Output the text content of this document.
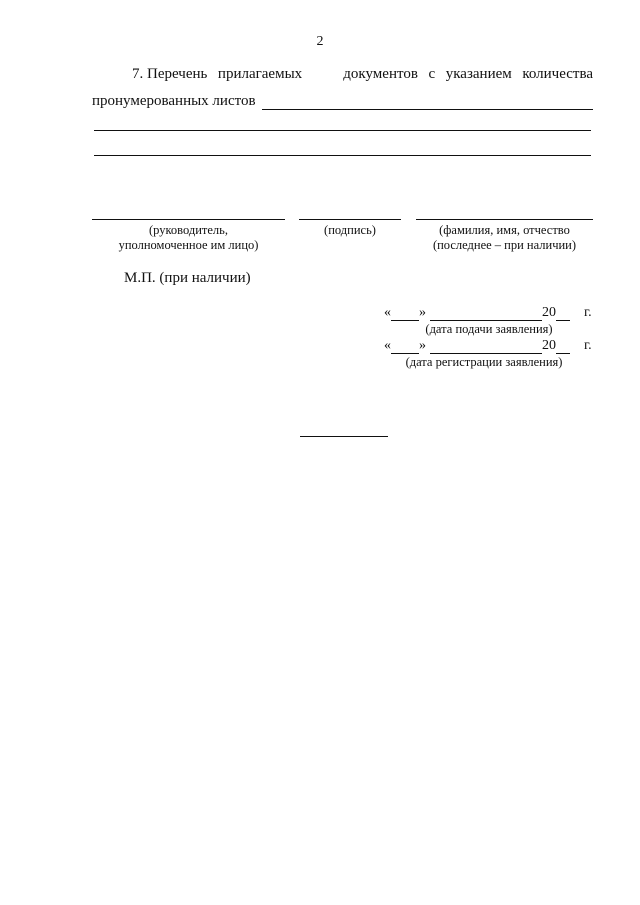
2
7. Перечень прилагаемых	документов с указанием количества
пронумерованных листов
(руководитель,
уполномоченное им лицо)
(подпись)	(фамилия, имя, отчество
(последнее – при наличии)
М.П. (при наличии)
« »	20 г.
(дата подачи заявления)
« »	20 г.
(дата регистрации заявления)
